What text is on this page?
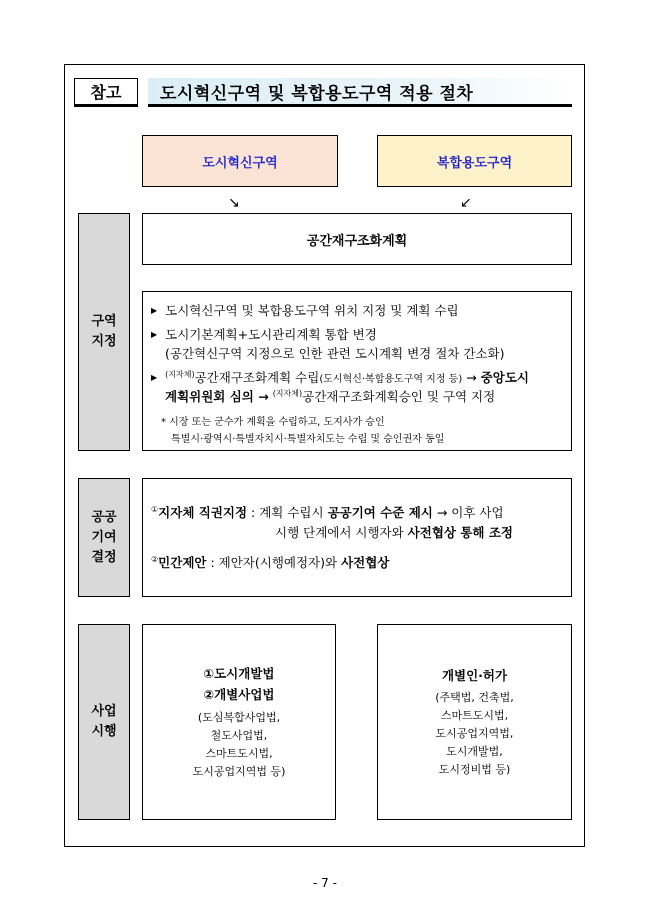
참고	도시혁신구역 및 복합용도구역 적용 절차
도시혁신구역	복합용도구역
↘	↙
구역
지정
공공
기여
결정
사업
시행
공간재구조화계획
▶ 도시혁신구역 및 복합용도구역 위치 지정 및 계획 수립
▶ 도시기본계획+도시관리계획 통합 변경
(공간혁신구역 지정으로 인한 관련 도시계획 변경 절차 간소화)
▶ $^{(지자체)}$공간재구조화계획 수립(도시혁신·복합용도구역 지정 등) → 중앙도시
계획위원회 심의 → $^{(지자체)}$공간재구조화계획승인 및 구역 지정
* 시장 또는 군수가 계획을 수립하고, 도지사가 승인
특별시·광역시·특별자치시·특별자치도는 수립 및 승인권자 동일
①지자체 직권지정 : 계획 수립시 공공기여 수준 제시 → 이후 사업
시행 단계에서 시행자와 사전협상 통해 조정
②민간제안 : 제안자(시행예정자)와 사전협상
①도시개발법
②개별사업법
(도심복합사업법,
철도사업법,
스마트도시법,
도시공업지역법 등)
개별인·허가
(주택법, 건축법,
스마트도시법,
도시공업지역법,
도시개발법,
도시정비법 등)
- 7 -
